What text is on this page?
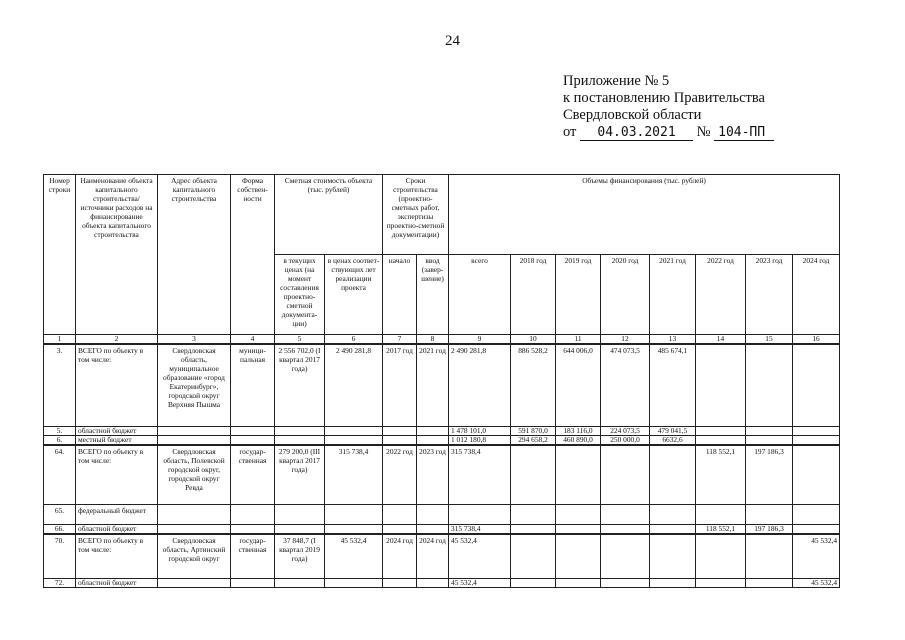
24
Приложение № 5
к постановлению Правительства
Свердловской области
от 04.03.2021 № 104-ПП
Номер строки	Наименование объекта капитального строительства/ источники расходов на финансирование объекта капитального строительства	Адрес объекта капитального строительства	Форма собствен-ности	Сметная стоимость объекта (тыс. рублей)		Сроки строительства (проектно-сметных работ, экспертизы проектно-сметной документации)		Объемы финансирования (тыс. рублей)							
				в текущих ценах (на момент составления проектно-сметной документа-ции)	в ценах соответ-ствующих лет реализации проекта	начало	ввод (завер-шение)	всего	2018 год	2019 год	2020 год	2021 год	2022 год	2023 год	2024 год
1	2	3	4	5	6	7	8	9	10	11	12	13	14	15	16
3.	ВСЕГО по объекту в том числе:	Свердловская область, муниципальное образование «город Екатеринбург», городской округ Верхняя Пышма	муници-пальная	2 556 702,0 (I квартал 2017 года)	2 490 281,8	2017 год	2021 год	2 490 281,8	886 528,2	644 006,0	474 073,5	485 674,1			
5.	областной бюджет							1 478 101,0	591 870,0	183 116,0	224 073,5	479 041,5			
6.	местный бюджет							1 012 180,8	294 658,2	460 890,0	250 000,0	6632,6			
64.	ВСЕГО по объекту в том числе:	Свердловская область, Полевской городской округ, городской округ Ревда	государ-ственная	279 200,0 (III квартал 2017 года)	315 738,4	2022 год	2023 год	315 738,4					118 552,1	197 186,3	
65.	федеральный бюджет														
66.	областной бюджет							315 738,4					118 552,1	197 186,3	
70.	ВСЕГО по объекту в том числе:	Свердловская область, Артинский городской округ	государ-ственная	37 848,7 (I квартал 2019 года)	45 532,4	2024 год	2024 год	45 532,4							45 532,4
72.	областной бюджет							45 532,4							45 532,4
